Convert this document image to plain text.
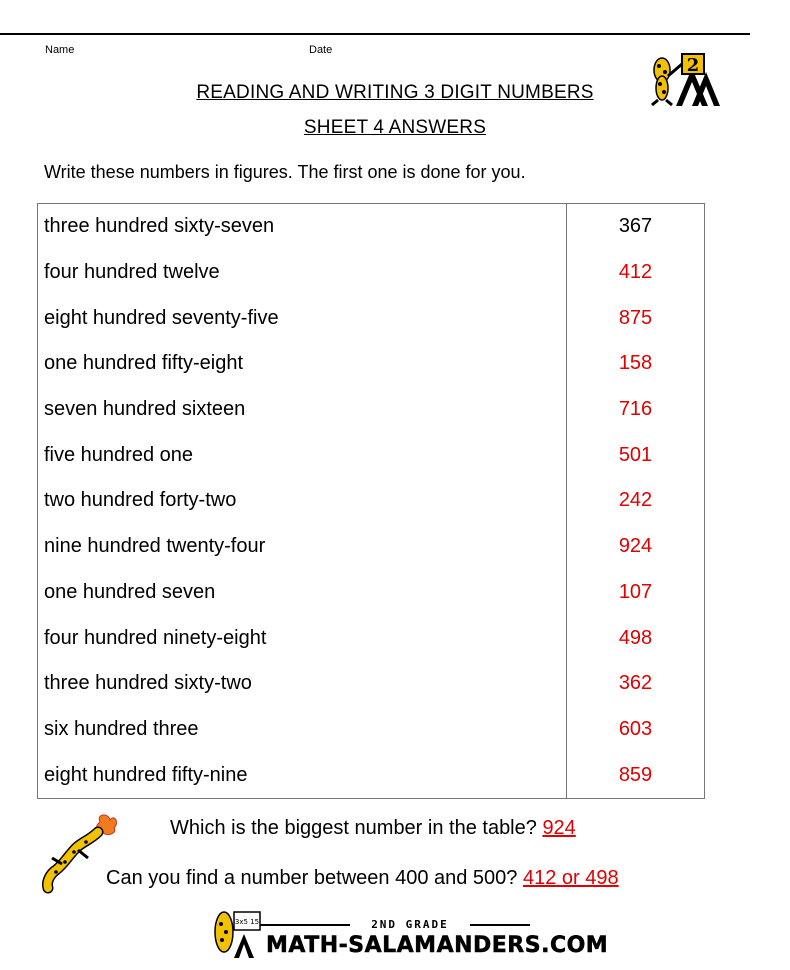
Name	Date
2
READING AND WRITING 3 DIGIT NUMBERS
SHEET 4 ANSWERS
Write these numbers in figures. The first one is done for you.
three hundred sixty-seven	367
four hundred twelve	412
eight hundred seventy-five	875
one hundred fifty-eight	158
seven hundred sixteen	716
five hundred one	501
two hundred forty-two	242
nine hundred twenty-four	924
one hundred seven	107
four hundred ninety-eight	498
three hundred sixty-two	362
six hundred three	603
eight hundred fifty-nine	859
Which is the biggest number in the table? 924
Can you find a number between 400 and 500? 412 or 498
3x5 15	2ND GRADE
MATH-SALAMANDERS.COM
